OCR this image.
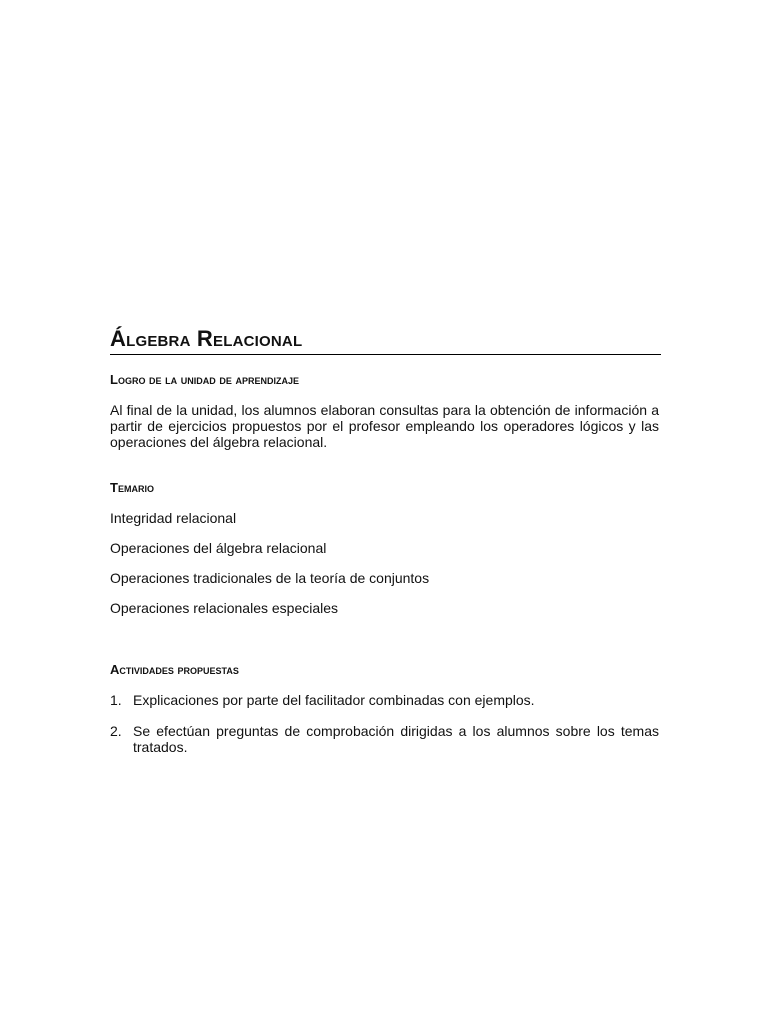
Álgebra Relacional
Logro de la unidad de aprendizaje

Al final de la unidad, los alumnos elaboran consultas para la obtención de información a partir de ejercicios propuestos por el profesor empleando los operadores lógicos y las operaciones del álgebra relacional.

Temario

Integridad relacional

Operaciones del álgebra relacional

Operaciones tradicionales de la teoría de conjuntos

Operaciones relacionales especiales

Actividades propuestas
1. Explicaciones por parte del facilitador combinadas con ejemplos.
2. Se efectúan preguntas de comprobación dirigidas a los alumnos sobre los temas tratados.
